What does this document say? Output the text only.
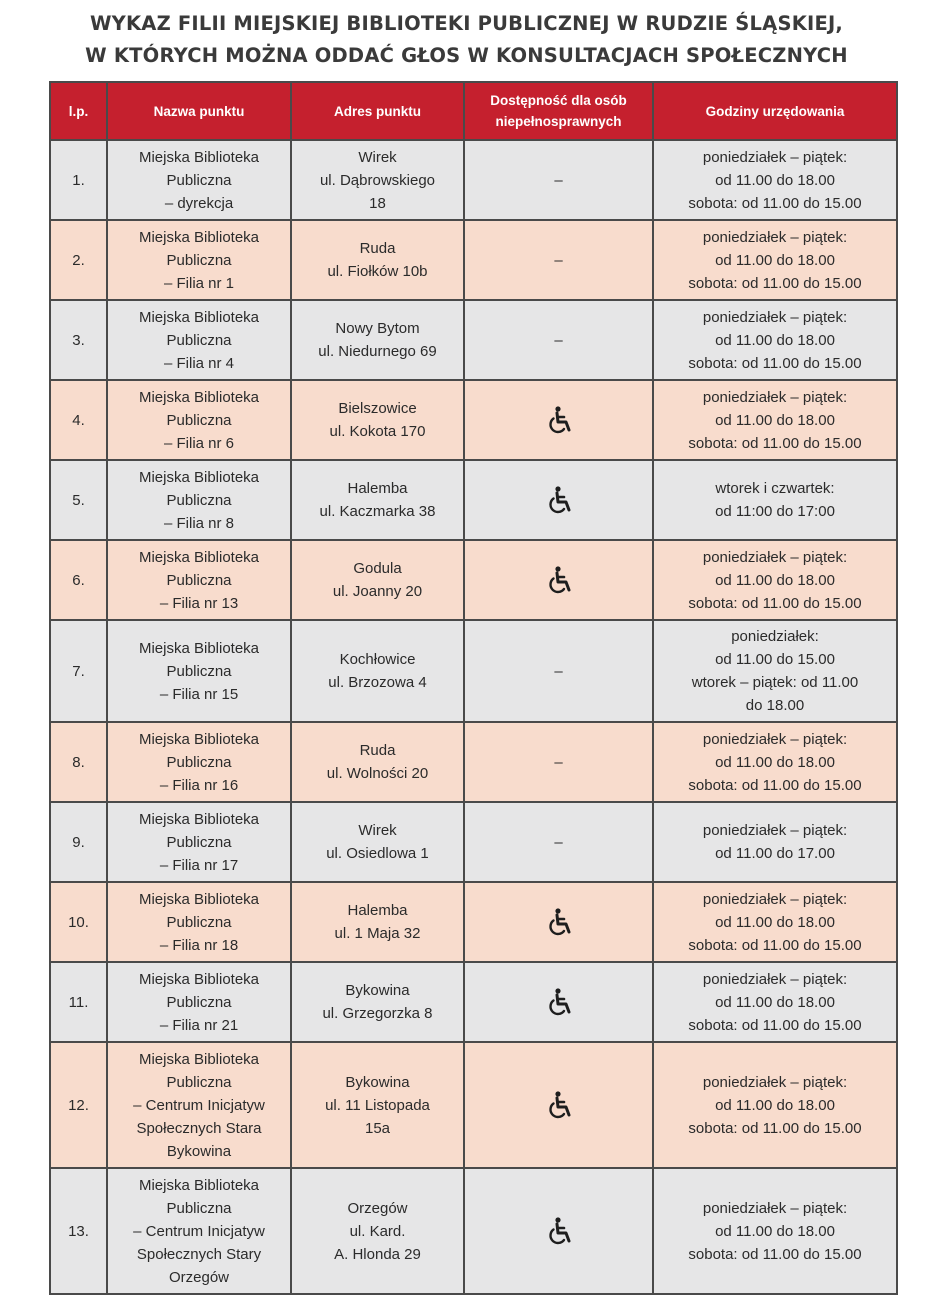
WYKAZ FILII MIEJSKIEJ BIBLIOTEKI PUBLICZNEJ W RUDZIE ŚLĄSKIEJ,
W KTÓRYCH MOŻNA ODDAĆ GŁOS W KONSULTACJACH SPOŁECZNYCH
l.p.	Nazwa punktu	Adres punktu	Dostępność dla osób
niepełnosprawnych	Godziny urzędowania
1.	Miejska Biblioteka
Publiczna
– dyrekcja	Wirek
ul. Dąbrowskiego
18	–	poniedziałek – piątek:
od 11.00 do 18.00
sobota: od 11.00 do 15.00

2.	Miejska Biblioteka
Publiczna
– Filia nr 1	Ruda
ul. Fiołków 10b	–	poniedziałek – piątek:
od 11.00 do 18.00
sobota: od 11.00 do 15.00

3.	Miejska Biblioteka
Publiczna
– Filia nr 4	Nowy Bytom
ul. Niedurnego 69	–	poniedziałek – piątek:
od 11.00 do 18.00
sobota: od 11.00 do 15.00

4.	Miejska Biblioteka
Publiczna
– Filia nr 6	Bielszowice
ul. Kokota 170		poniedziałek – piątek:
od 11.00 do 18.00
sobota: od 11.00 do 15.00

5.	Miejska Biblioteka
Publiczna
– Filia nr 8	Halemba
ul. Kaczmarka 38		wtorek i czwartek:
od 11:00 do 17:00

6.	Miejska Biblioteka
Publiczna
– Filia nr 13	Godula
ul. Joanny 20		poniedziałek – piątek:
od 11.00 do 18.00
sobota: od 11.00 do 15.00

7.	Miejska Biblioteka
Publiczna
– Filia nr 15	Kochłowice
ul. Brzozowa 4	–	poniedziałek:
od 11.00 do 15.00
wtorek – piątek: od 11.00
do 18.00

8.	Miejska Biblioteka
Publiczna
– Filia nr 16	Ruda
ul. Wolności 20	–	poniedziałek – piątek:
od 11.00 do 18.00
sobota: od 11.00 do 15.00

9.	Miejska Biblioteka
Publiczna
– Filia nr 17	Wirek
ul. Osiedlowa 1	–	poniedziałek – piątek:
od 11.00 do 17.00

10.	Miejska Biblioteka
Publiczna
– Filia nr 18	Halemba
ul. 1 Maja 32		poniedziałek – piątek:
od 11.00 do 18.00
sobota: od 11.00 do 15.00

11.	Miejska Biblioteka
Publiczna
– Filia nr 21	Bykowina
ul. Grzegorzka 8		poniedziałek – piątek:
od 11.00 do 18.00
sobota: od 11.00 do 15.00

12.	Miejska Biblioteka
Publiczna
– Centrum Inicjatyw
Społecznych Stara
Bykowina	Bykowina
ul. 11 Listopada
15a		poniedziałek – piątek:
od 11.00 do 18.00
sobota: od 11.00 do 15.00

13.	Miejska Biblioteka
Publiczna
– Centrum Inicjatyw
Społecznych Stary
Orzegów	Orzegów
ul. Kard.
A. Hlonda 29		poniedziałek – piątek:
od 11.00 do 18.00
sobota: od 11.00 do 15.00
